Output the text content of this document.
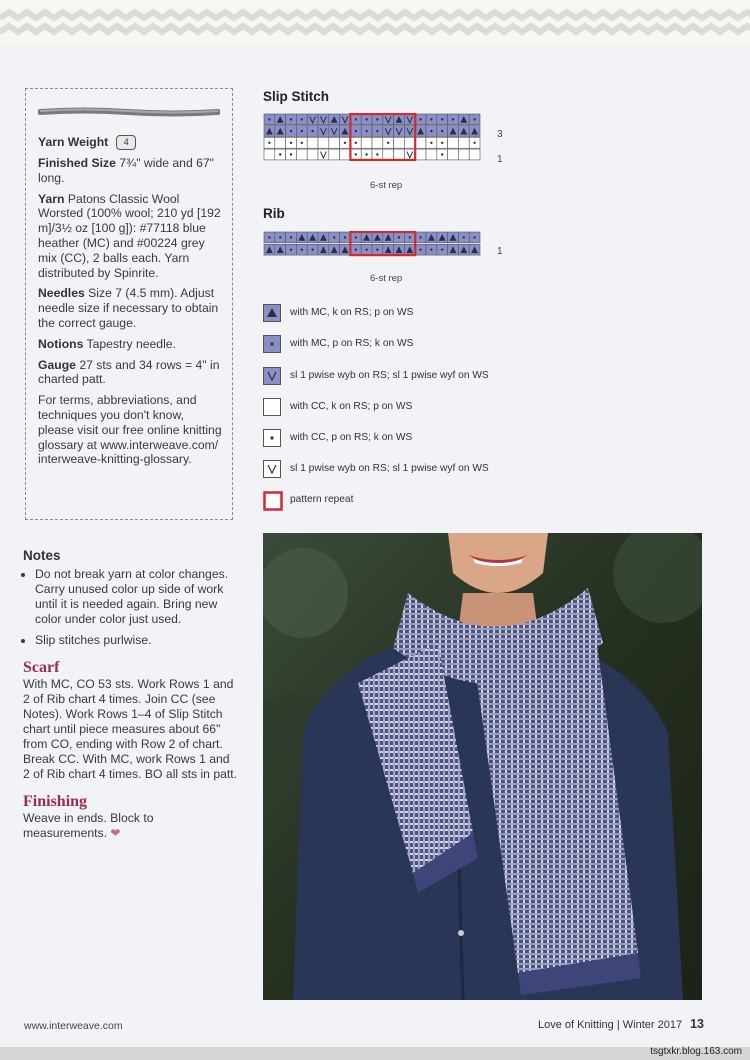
Yarn Weight 4

Finished Size 7¾" wide and 67" long.

Yarn Patons Classic Wool Worsted (100% wool; 210 yd [192 m]/3½ oz [100 g]): #77118 blue heather (MC) and #00224 grey mix (CC), 2 balls each. Yarn distributed by Spinrite.

Needles Size 7 (4.5 mm). Adjust needle size if necessary to obtain the correct gauge.

Notions Tapestry needle.

Gauge 27 sts and 34 rows = 4" in charted patt.

For terms, abbreviations, and techniques you don't know, please visit our free online knitting glossary at www.interweave.com/ interweave-knitting-glossary.

Notes
• Do not break yarn at color changes. Carry unused color up side of work until it is needed again. Bring new color under color just used.
• Slip stitches purlwise.
Scarf

With MC, CO 53 sts. Work Rows 1 and 2 of Rib chart 4 times. Join CC (see Notes). Work Rows 1–4 of Slip Stitch chart until piece measures about 66" from CO, ending with Row 2 of chart. Break CC. With MC, work Rows 1 and 2 of Rib chart 4 times. BO all sts in patt.

Finishing

Weave in ends. Block to measurements. ❤

Slip Stitch
3
1
6-st rep
Rib
1
6-st rep
with MC, k on RS; p on WS
with MC, p on RS; k on WS
sl 1 pwise wyb on RS; sl 1 pwise wyf on WS
with CC, k on RS; p on WS
with CC, p on RS; k on WS
sl 1 pwise wyb on RS; sl 1 pwise wyf on WS
pattern repeat
www.interweave.com	Love of Knitting | Winter 2017 13
tsgtxkr.blog.163.com
